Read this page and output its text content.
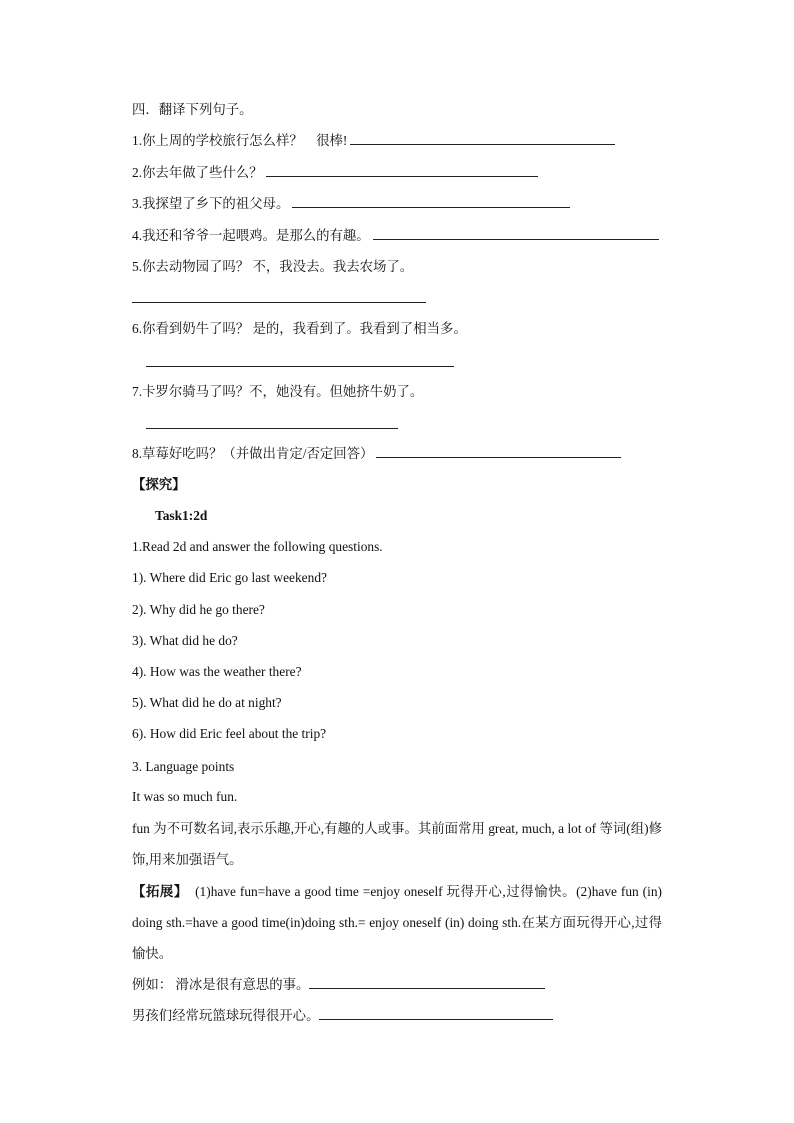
四．翻译下列句子。
1.你上周的学校旅行怎么样？　很棒!
2.你去年做了些什么？
3.我探望了乡下的祖父母。
4.我还和爷爷一起喂鸡。是那么的有趣。
5.你去动物园了吗？ 不，我没去。我去农场了。
6.你看到奶牛了吗？ 是的，我看到了。我看到了相当多。
7.卡罗尔骑马了吗？不，她没有。但她挤牛奶了。
8.草莓好吃吗？（并做出肯定/否定回答）
【探究】
Task1:2d
1.Read 2d and answer the following questions.
1). Where did Eric go last weekend?
2). Why did he go there?
3). What did he do?
4). How was the weather there?
5). What did he do at night?
6). How did Eric feel about the trip?
3. Language points
It was so much fun.
fun 为不可数名词,表示乐趣,开心,有趣的人或事。其前面常用 great, much, a lot of 等词(组)修饰,用来加强语气。
【拓展】　(1)have fun=have a good time =enjoy oneself 玩得开心,过得愉快。(2)have fun (in) doing sth.=have a good time(in)doing sth.= enjoy oneself (in) doing sth.在某方面玩得开心,过得愉快。
例如： 滑冰是很有意思的事。
男孩们经常玩篮球玩得很开心。
